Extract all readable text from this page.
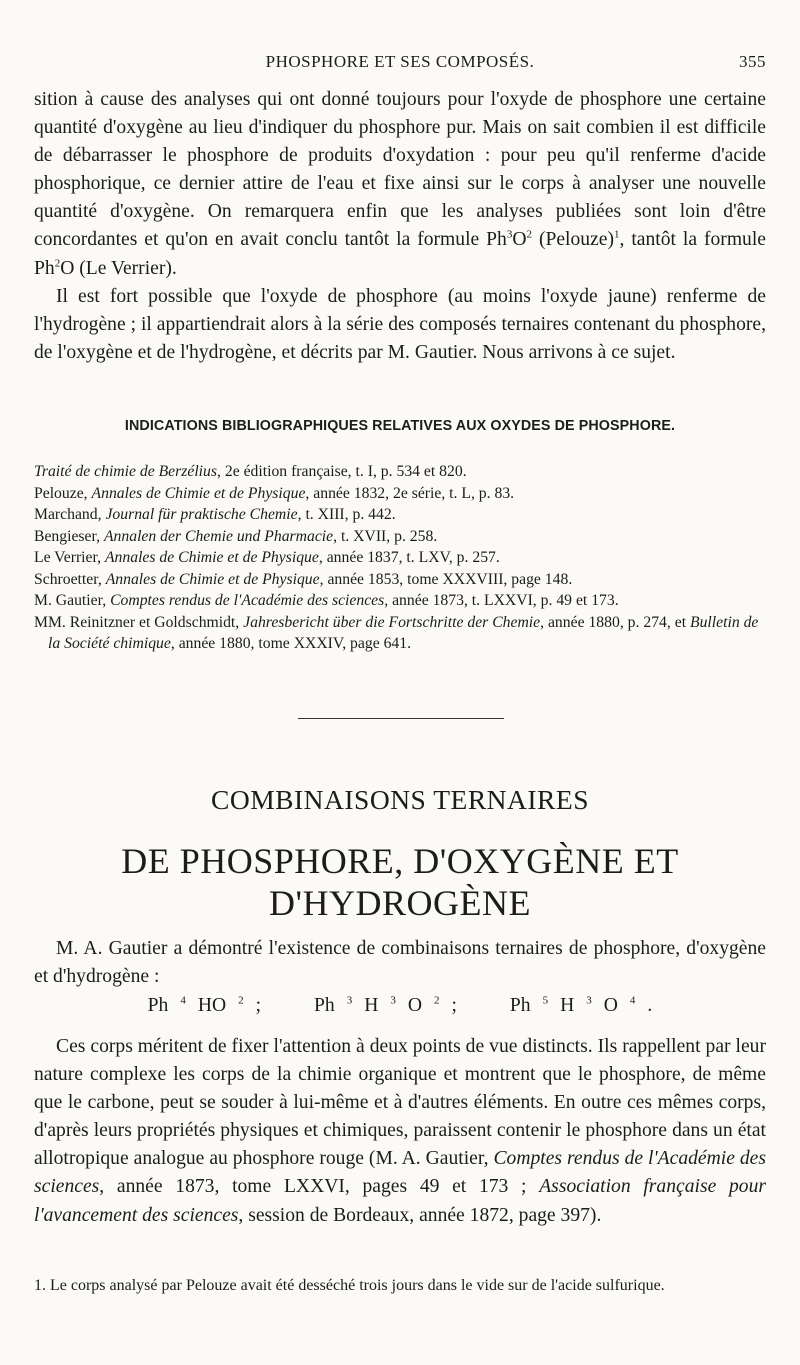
PHOSPHORE ET SES COMPOSÉS.	355

sition à cause des analyses qui ont donné toujours pour l'oxyde de phosphore une certaine quantité d'oxygène au lieu d'indiquer du phosphore pur. Mais on sait combien il est difficile de débarrasser le phosphore de produits d'oxydation : pour peu qu'il renferme d'acide phosphorique, ce dernier attire de l'eau et fixe ainsi sur le corps à analyser une nouvelle quantité d'oxygène. On remarquera enfin que les analyses publiées sont loin d'être concordantes et qu'on en avait conclu tantôt la formule $Ph^3O^2$ (Pelouze)$^1$, tantôt la formule Ph$^2$O (Le Verrier).

Il est fort possible que l'oxyde de phosphore (au moins l'oxyde jaune) renferme de l'hydrogène ; il appartiendrait alors à la série des composés ternaires contenant du phosphore, de l'oxygène et de l'hydrogène, et décrits par M. Gautier. Nous arrivons à ce sujet.

INDICATIONS BIBLIOGRAPHIQUES RELATIVES AUX OXYDES DE PHOSPHORE.
Traité de chimie de Berzélius, 2e édition française, t. I, p. 534 et 820.
Pelouze, Annales de Chimie et de Physique, année 1832, 2e série, t. L, p. 83.
Marchand, Journal für praktische Chemie, t. XIII, p. 442.
Bengieser, Annalen der Chemie und Pharmacie, t. XVII, p. 258.
Le Verrier, Annales de Chimie et de Physique, année 1837, t. LXV, p. 257.
Schroetter, Annales de Chimie et de Physique, année 1853, tome XXXVIII, page 148.
M. Gautier, Comptes rendus de l'Académie des sciences, année 1873, t. LXXVI, p. 49 et 173.
MM. Reinitzner et Goldschmidt, Jahresbericht über die Fortschritte der Chemie, année 1880, p. 274, et Bulletin de la Société chimique, année 1880, tome XXXIV, page 641.
COMBINAISONS TERNAIRES
DE PHOSPHORE, D'OXYGÈNE ET D'HYDROGÈNE

M. A. Gautier a démontré l'existence de combinaisons ternaires de phosphore, d'oxygène et d'hydrogène :

Ph $^4$ HO $^2$ ;	Ph $^3$ H $^3$ O $^2$ ;	Ph $^5$ H $^3$ O $^4$ .

Ces corps méritent de fixer l'attention à deux points de vue distincts. Ils rappellent par leur nature complexe les corps de la chimie organique et montrent que le phosphore, de même que le carbone, peut se souder à lui-même et à d'autres éléments. En outre ces mêmes corps, d'après leurs propriétés physiques et chimiques, paraissent contenir le phosphore dans un état allotropique analogue au phosphore rouge (M. A. Gautier, Comptes rendus de l'Académie des sciences, année 1873, tome LXXVI, pages 49 et 173 ; Association française pour l'avancement des sciences, session de Bordeaux, année 1872, page 397).

1. Le corps analysé par Pelouze avait été desséché trois jours dans le vide sur de l'acide sulfurique.
